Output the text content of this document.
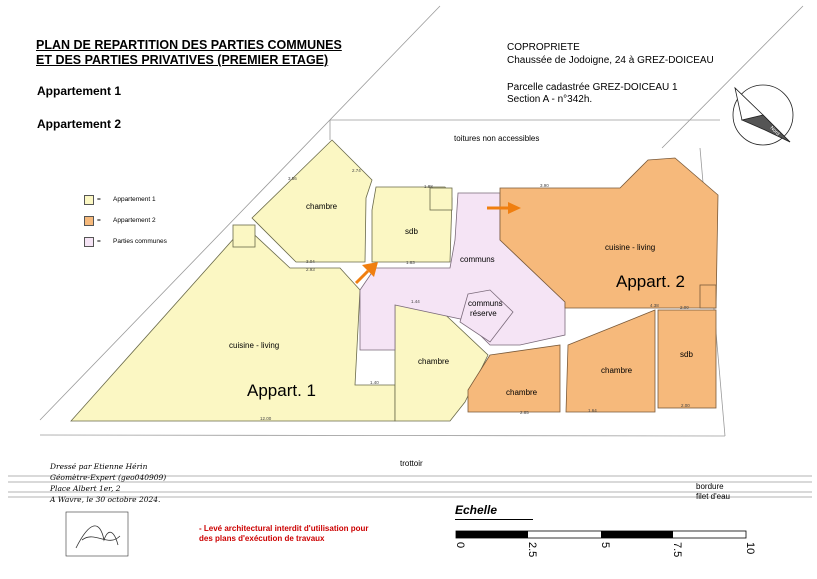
3.90
1.88
1.83
3.04
2.93
4.38	2.00
2.85	1.64
2.00
12.00
1.40
1.44
2.74
3.56
Nord
PLAN DE REPARTITION DES PARTIES COMMUNES
ET DES PARTIES PRIVATIVES (PREMIER ETAGE)
Appartement 1
Appartement 2
COPROPRIETE
Chaussée de Jodoigne, 24 à GREZ-DOICEAU
Parcelle cadastrée GREZ-DOICEAU 1
Section A - n°342h.
= Appartement 1
= Appartement 2
= Parties communes
toitures non accessibles
chambre
sdb
cuisine - living
chambre
communs
communs
réserve
cuisine - living
chambre
chambre
sdb
Appart. 1
Appart. 2
trottoir
bordure
filet d'eau
Dressé par Etienne Hérin
Géomètre-Expert (geo040909)
Place Albert 1er, 2
A Wavre, le 30 octobre 2024.
- Levé architectural interdit d'utilisation pour
des plans d'exécution de travaux
Echelle
0	2.5	5	7.5	10
